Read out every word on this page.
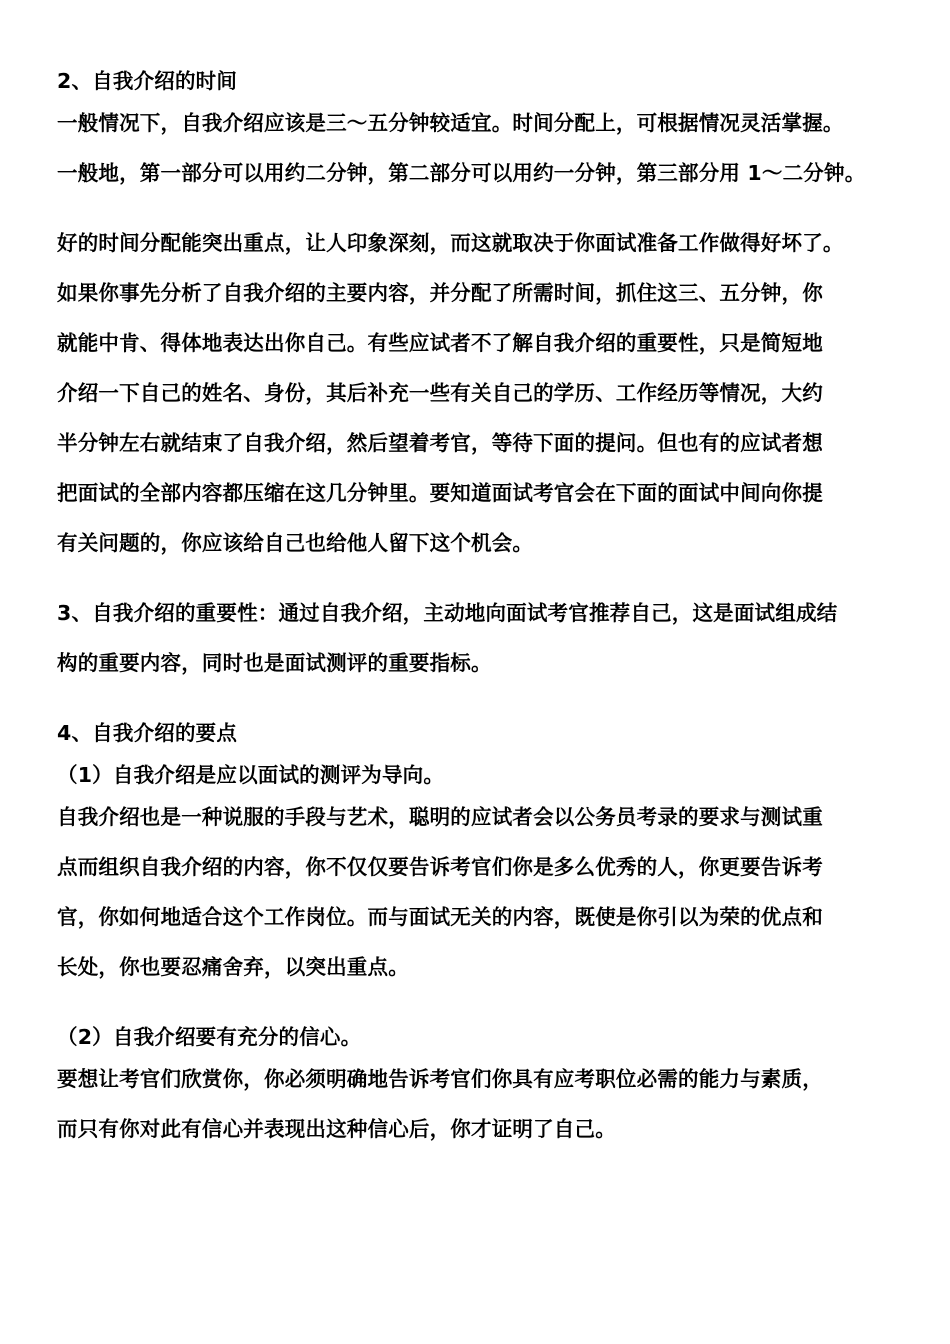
2、自我介绍的时间
一般情况下，自我介绍应该是三～五分钟较适宜。时间分配上，可根据情况灵活掌握。
一般地，第一部分可以用约二分钟，第二部分可以用约一分钟，第三部分用 1～二分钟。
好的时间分配能突出重点，让人印象深刻，而这就取决于你面试准备工作做得好坏了。
如果你事先分析了自我介绍的主要内容，并分配了所需时间，抓住这三、五分钟，你
就能中肯、得体地表达出你自己。有些应试者不了解自我介绍的重要性，只是简短地
介绍一下自己的姓名、身份，其后补充一些有关自己的学历、工作经历等情况，大约
半分钟左右就结束了自我介绍，然后望着考官，等待下面的提问。但也有的应试者想
把面试的全部内容都压缩在这几分钟里。要知道面试考官会在下面的面试中间向你提
有关问题的，你应该给自己也给他人留下这个机会。
3、自我介绍的重要性：通过自我介绍，主动地向面试考官推荐自己，这是面试组成结
构的重要内容，同时也是面试测评的重要指标。
4、自我介绍的要点
（1）自我介绍是应以面试的测评为导向。
自我介绍也是一种说服的手段与艺术，聪明的应试者会以公务员考录的要求与测试重
点而组织自我介绍的内容，你不仅仅要告诉考官们你是多么优秀的人，你更要告诉考
官，你如何地适合这个工作岗位。而与面试无关的内容，既使是你引以为荣的优点和
长处，你也要忍痛舍弃，以突出重点。
（2）自我介绍要有充分的信心。
要想让考官们欣赏你，你必须明确地告诉考官们你具有应考职位必需的能力与素质，
而只有你对此有信心并表现出这种信心后，你才证明了自己。
